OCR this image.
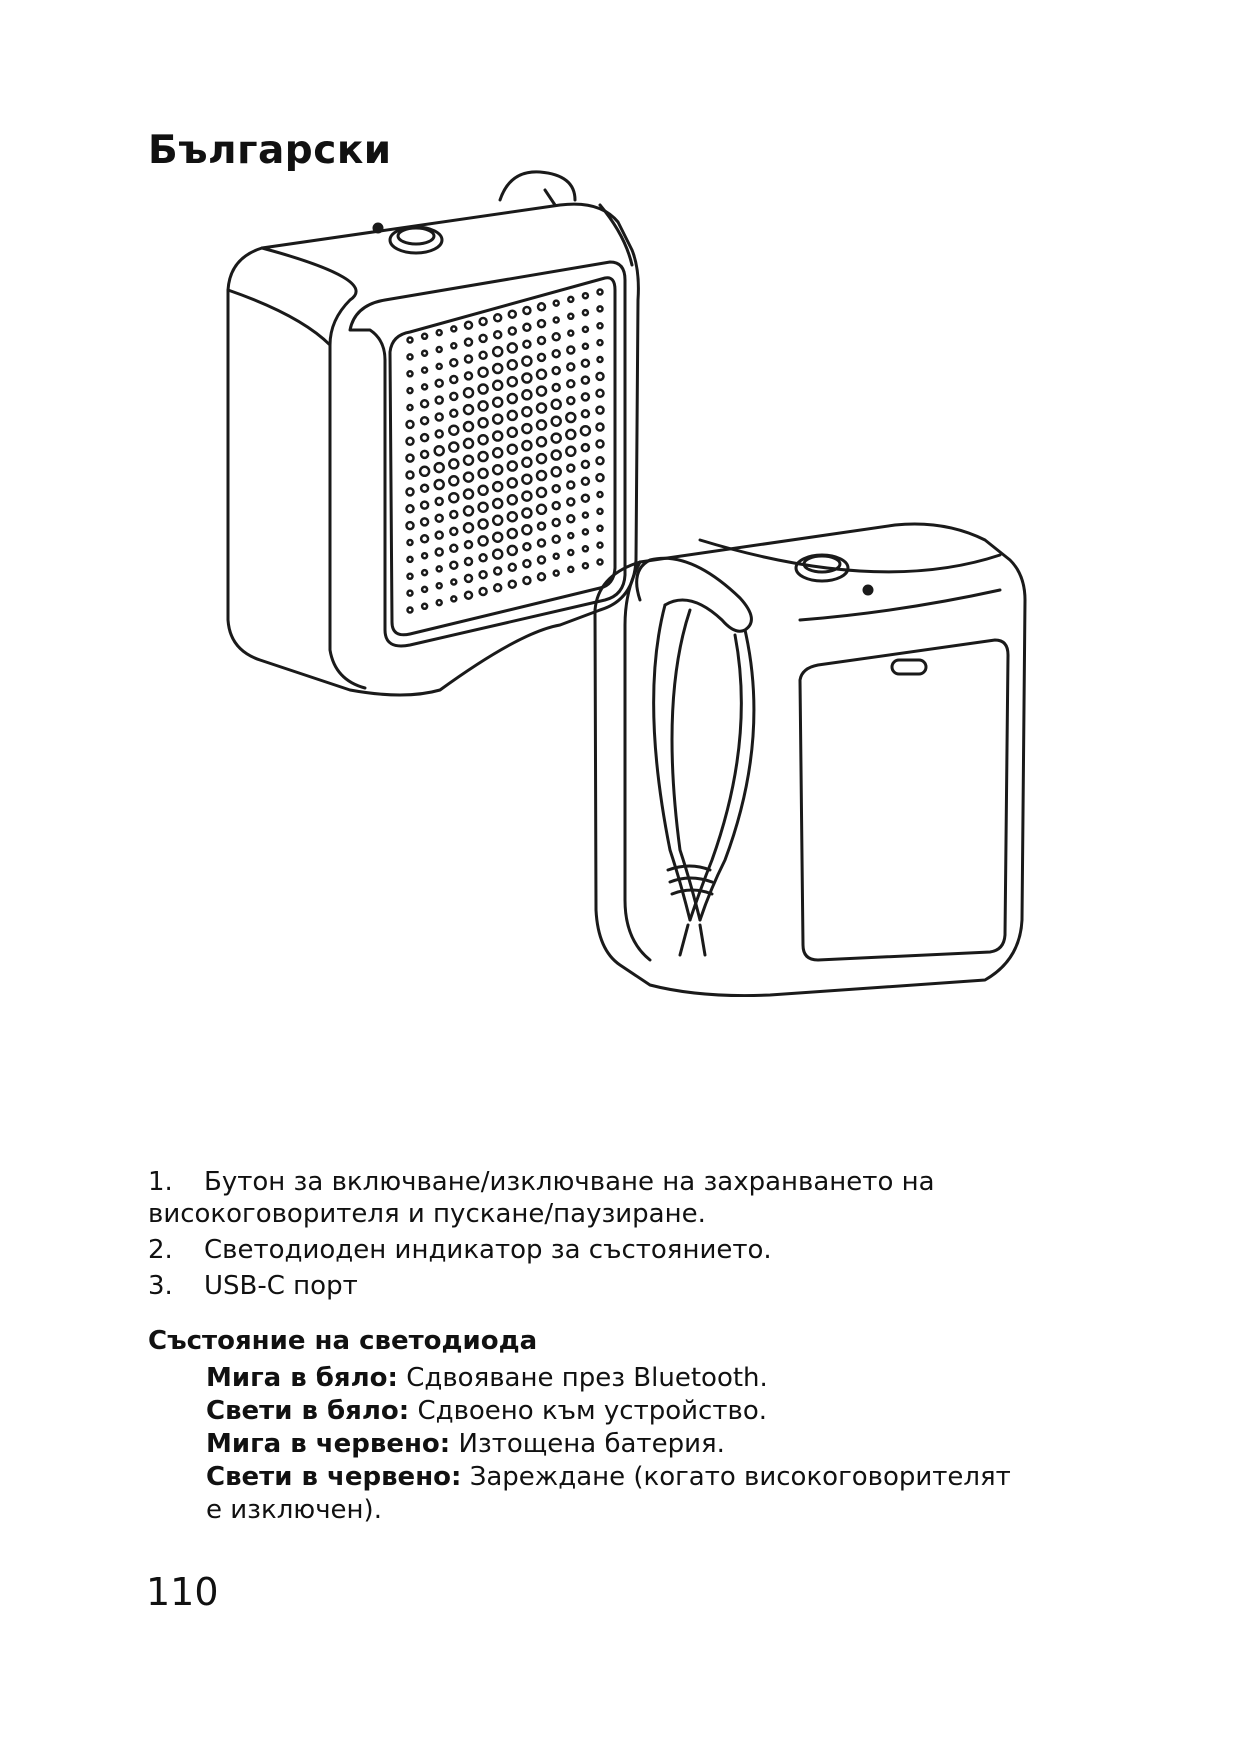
Български
1. Бутон за включване/изключване на захранването на високоговорителя и пускане/паузиране.
2. Светодиоден индикатор за състоянието.
3. USB-C порт
Състояние на светодиода
Мига в бяло: Сдвояване през Bluetooth.
Свети в бяло: Сдвоено към устройство.
Мига в червено: Изтощена батерия.
Свети в червено: Зареждане (когато високоговорителят е изключен).
110
